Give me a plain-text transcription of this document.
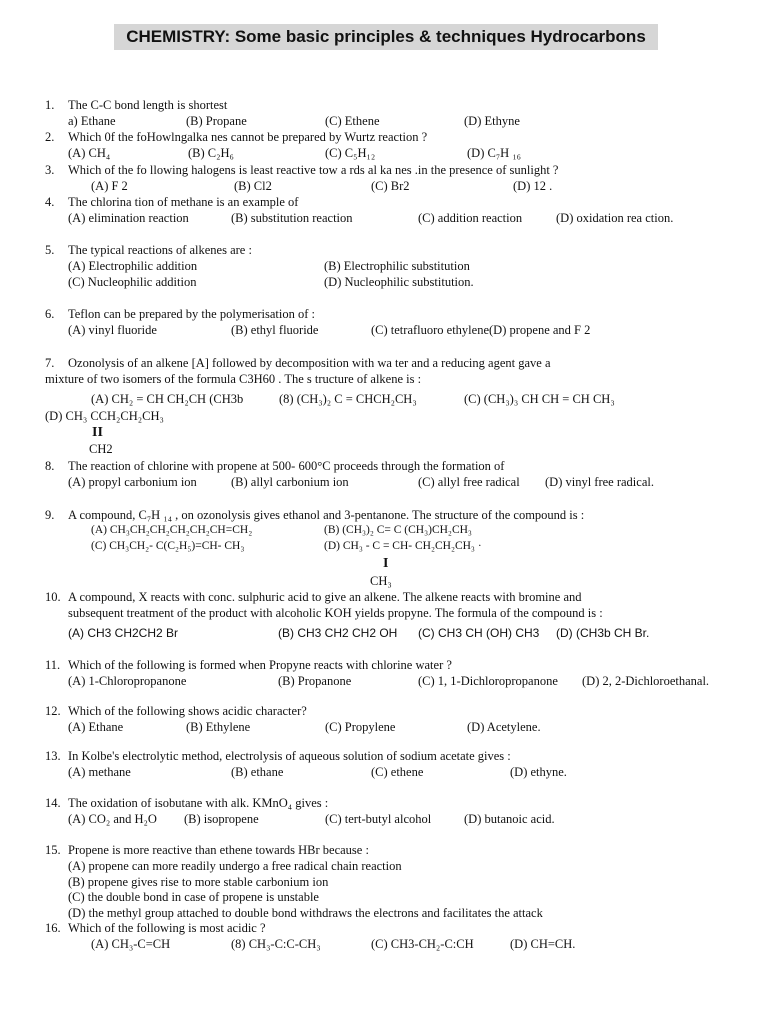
CHEMISTRY: Some basic principles & techniques Hydrocarbons
1. The C-C bond length is shortest
a) Ethane	(B) Propane	(C) Ethene	(D) Ethyne
2. Which 0f the foHowlngalka nes cannot be prepared by Wurtz reaction ?
(A) CH₄	(B) C₂H₆	(C) C₅H₁₂	(D) C₇H ₁₆
3. Which of the fo llowing halogens is least reactive tow a rds al ka nes .in the presence of sunlight ?
(A) F 2	(B) Cl2	(C) Br2	(D) 12 .
4. The chlorina tion of methane is an example of
(A) elimination reaction	(B) substitution reaction	(C) addition reaction	(D) oxidation rea ction.
5. The typical reactions of alkenes are :
(A) Electrophilic addition	(B) Electrophilic substitution
(C) Nucleophilic addition	(D) Nucleophilic substitution.
6. Teflon can be prepared by the polymerisation of :
(A) vinyl fluoride	(B) ethyl fluoride	(C) tetrafluoro ethylene(D) propene and F 2
7. Ozonolysis of an alkene [A] followed by decomposition with wa ter and a reducing agent gave a
mixture of two isomers of the formula C3H60 . The s tructure of alkene is :
(A) CH₂ = CH CH₂CH (CH3b	(8) (CH₃)₂ C = CHCH₂CH₃	(C) (CH₃)₃ CH CH = CH CH₃
(D) CH₃ CCH₂CH₂CH₃
II
CH2
8. The reaction of chlorine with propene at 500- 600°C proceeds through the formation of
(A) propyl carbonium ion	(B) allyl carbonium ion	(C) allyl free radical (D) vinyl free radical.
9. A compound, C₇H ₁₄ , on ozonolysis gives ethanol and 3-pentanone. The structure of the compound is :
(A) CH₃CH₂CH₂CH₂CH₂CH=CH₂	(B) (CH₃)₂ C= C (CH₃)CH₂CH₃
(C) CH₃CH₂- C(C₂H₅)=CH- CH₃	(D) CH₃ - C = CH- CH₂CH₂CH₃ ·
I
CH₃
10. A compound, X reacts with conc. sulphuric acid to give an alkene. The alkene reacts with bromine and
subsequent treatment of the product with alcoholic KOH yields propyne. The formula of the compound is :
(A) CH3 CH2CH2 Br	(B) CH3 CH2 CH2 OH (C) CH3 CH (OH) CH3 (D) (CH3b CH Br.
11. Which of the following is formed when Propyne reacts with chlorine water ?
(A) 1-Chloropropanone	(B) Propanone	(C) 1, 1-Dichloropropanone (D) 2, 2-Dichloroethanal.
12. Which of the following shows acidic character?
(A) Ethane	(B) Ethylene	(C) Propylene	(D) Acetylene.
13. In Kolbe's electrolytic method, electrolysis of aqueous solution of sodium acetate gives :
(A) methane	(B) ethane	(C) ethene	(D) ethyne.
14. The oxidation of isobutane with alk. KMnO₄ gives :
(A) CO₂ and H₂O (B) isopropene	(C) tert-butyl alcohol	(D) butanoic acid.
15. Propene is more reactive than ethene towards HBr because :
(A) propene can more readily undergo a free radical chain reaction
(B) propene gives rise to more stable carbonium ion
(C) the double bond in case of propene is unstable
(D) the methyl group attached to double bond withdraws the electrons and facilitates the attack
16. Which of the following is most acidic ?
(A) CH₃-C=CH	(8) CH₃-C:C-CH₃	(C) CH3-CH₂-C:CH	(D) CH=CH.
